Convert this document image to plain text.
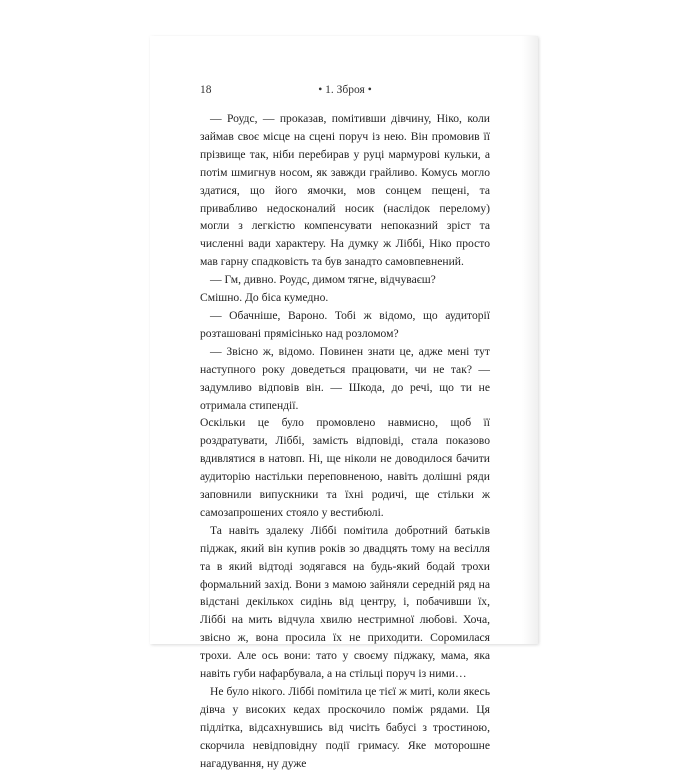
18	• 1. Зброя •

— Роудс, — проказав, помітивши дівчину, Ніко, коли займав своє місце на сцені поруч із нею. Він промовив її прізвище так, ніби перебирав у руці мармурові кульки, а потім шмигнув носом, як завжди грайливо. Комусь могло здатися, що його ямочки, мов сонцем пещені, та привабливо недосконалий носик (наслідок перелому) могли з легкістю компенсувати непоказний зріст та численні вади характеру. На думку ж Ліббі, Ніко просто мав гарну спадковість та був занадто самовпевнений.

— Гм, дивно. Роудс, димом тягне, відчуваєш?

Смішно. До біса кумедно.

— Обачніше, Вароно. Тобі ж відомо, що аудиторії розташовані прямісінько над розломом?

— Звісно ж, відомо. Повинен знати це, адже мені тут наступного року доведеться працювати, чи не так? — задумливо відповів він. — Шкода, до речі, що ти не отримала стипендії.

Оскільки це було промовлено навмисно, щоб її роздратувати, Ліббі, замість відповіді, стала показово вдивлятися в натовп. Ні, ще ніколи не доводилося бачити аудиторію настільки переповненою, навіть долішні ряди заповнили випускники та їхні родичі, ще стільки ж самозапрошених стояло у вестибюлі.

Та навіть здалеку Ліббі помітила добротний батьків піджак, який він купив років зо двадцять тому на весілля та в який відтоді зодягався на будь-який бодай трохи формальний захід. Вони з мамою зайняли середній ряд на відстані декількох сидінь від центру, і, побачивши їх, Ліббі на мить відчула хвилю нестримної любові. Хоча, звісно ж, вона просила їх не приходити. Соромилася трохи. Але ось вони: тато у своєму піджаку, мама, яка навіть губи нафарбувала, а на стільці поруч із ними…

Не було нікого. Ліббі помітила це тієї ж миті, коли якесь дівча у високих кедах проскочило поміж рядами. Ця підлітка, відсахнувшись від чисіть бабусі з тростиною, скорчила невідповідну події гримасу. Яке моторошне нагадування, ну дуже
